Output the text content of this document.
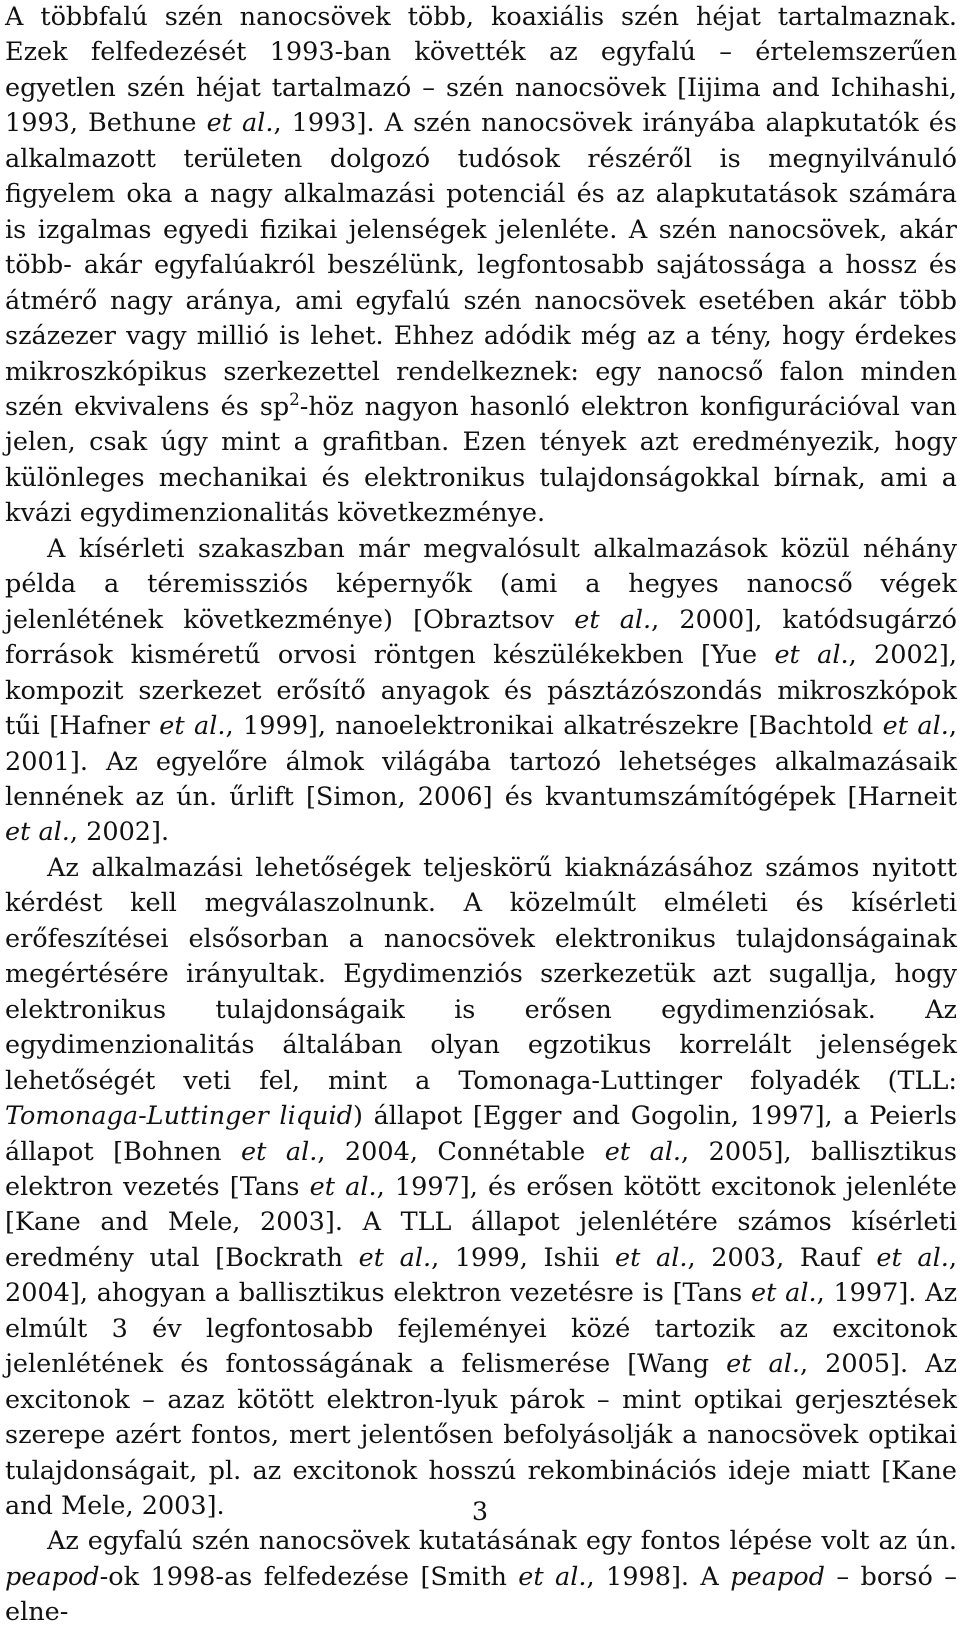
A többfalú szén nanocsövek több, koaxiális szén héjat tartalmaznak. Ezek felfedezését 1993-ban követték az egyfalú – értelemszerűen egyetlen szén héjat tartalmazó – szén nanocsövek [Iijima and Ichihashi, 1993, Bethune et al., 1993]. A szén nanocsövek irányába alapkutatók és alkalmazott területen dolgozó tudósok részéről is megnyilvánuló figyelem oka a nagy alkalmazási potenciál és az alapkutatások számára is izgalmas egyedi fizikai jelenségek jelenléte. A szén nanocsövek, akár több- akár egyfalúakról beszélünk, legfontosabb sajátossága a hossz és átmérő nagy aránya, ami egyfalú szén nanocsövek esetében akár több százezer vagy millió is lehet. Ehhez adódik még az a tény, hogy érdekes mikroszkópikus szerkezettel rendelkeznek: egy nanocső falon minden szén ekvivalens és $sp^2$-höz nagyon hasonló elektron konfigurációval van jelen, csak úgy mint a grafitban. Ezen tények azt eredményezik, hogy különleges mechanikai és elektronikus tulajdonságokkal bírnak, ami a kvázi egydimenzionalitás következménye.

A kísérleti szakaszban már megvalósult alkalmazások közül néhány példa a téremissziós képernyők (ami a hegyes nanocső végek jelenlétének következménye) [Obraztsov et al., 2000], katódsugárzó források kisméretű orvosi röntgen készülékekben [Yue et al., 2002], kompozit szerkezet erősítő anyagok és pásztázószondás mikroszkópok tűi [Hafner et al., 1999], nanoelektronikai alkatrészekre [Bachtold et al., 2001]. Az egyelőre álmok világába tartozó lehetséges alkalmazásaik lennének az ún. űrlift [Simon, 2006] és kvantumszámítógépek [Harneit et al., 2002].

Az alkalmazási lehetőségek teljeskörű kiaknázásához számos nyitott kérdést kell megválaszolnunk. A közelmúlt elméleti és kísérleti erőfeszítései elsősorban a nanocsövek elektronikus tulajdonságainak megértésére irányultak. Egydimenziós szerkezetük azt sugallja, hogy elektronikus tulajdonságaik is erősen egydimenziósak. Az egydimenzionalitás általában olyan egzotikus korrelált jelenségek lehetőségét veti fel, mint a Tomonaga-Luttinger folyadék (TLL: Tomonaga-Luttinger liquid) állapot [Egger and Gogolin, 1997], a Peierls állapot [Bohnen et al., 2004, Connétable et al., 2005], ballisztikus elektron vezetés [Tans et al., 1997], és erősen kötött excitonok jelenléte [Kane and Mele, 2003]. A TLL állapot jelenlétére számos kísérleti eredmény utal [Bockrath et al., 1999, Ishii et al., 2003, Rauf et al., 2004], ahogyan a ballisztikus elektron vezetésre is [Tans et al., 1997]. Az elmúlt 3 év legfontosabb fejleményei közé tartozik az excitonok jelenlétének és fontosságának a felismerése [Wang et al., 2005]. Az excitonok – azaz kötött elektron-lyuk párok – mint optikai gerjesztések szerepe azért fontos, mert jelentősen befolyásolják a nanocsövek optikai tulajdonságait, pl. az excitonok hosszú rekombinációs ideje miatt [Kane and Mele, 2003].

Az egyfalú szén nanocsövek kutatásának egy fontos lépése volt az ún. peapod-ok 1998-as felfedezése [Smith et al., 1998]. A peapod – borsó – elne-

3
